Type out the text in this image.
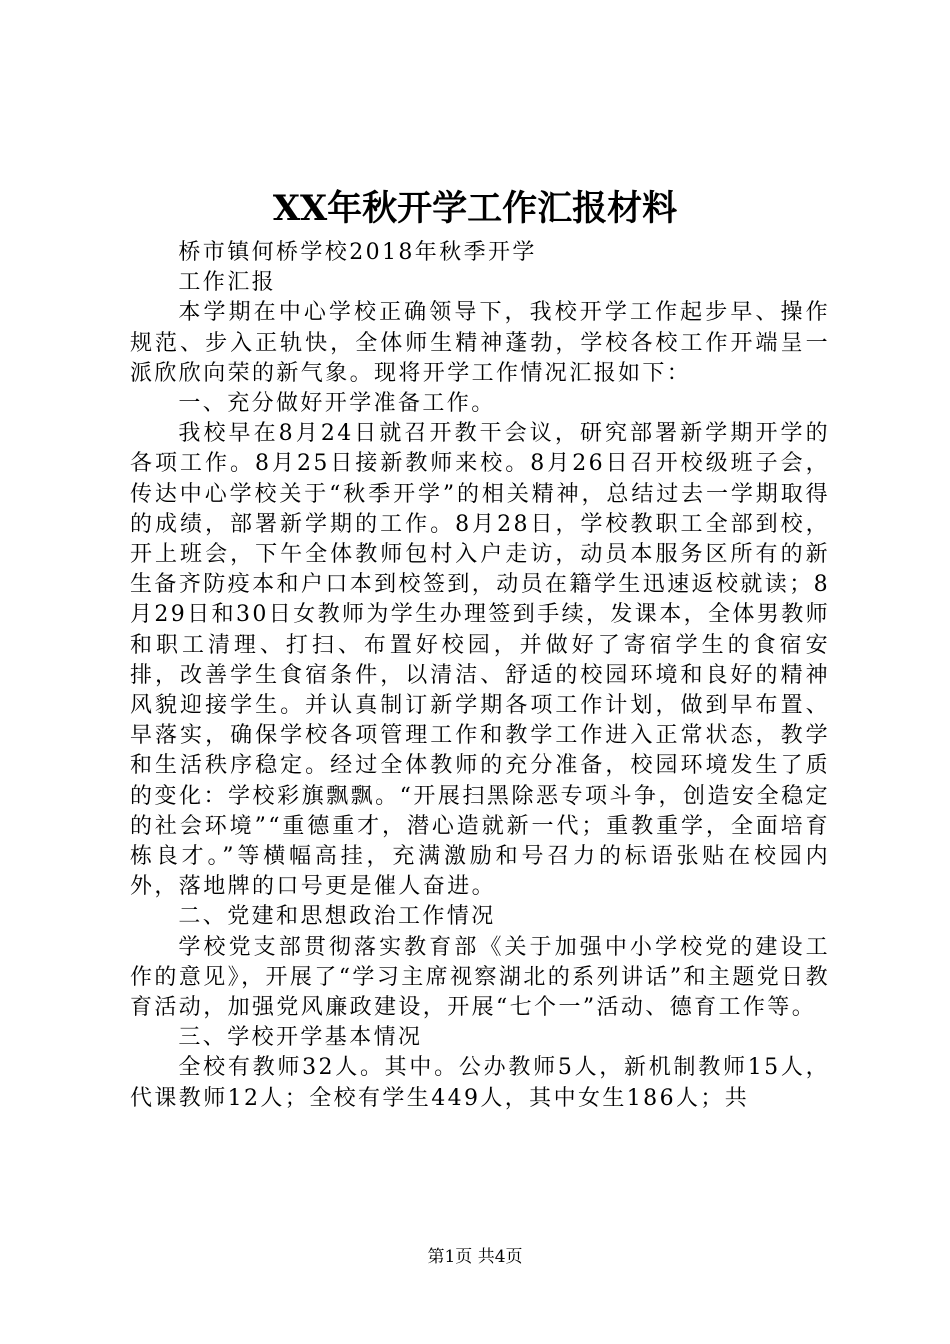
XX年秋开学工作汇报材料

桥市镇何桥学校2018年秋季开学

工作汇报

本学期在中心学校正确领导下，我校开学工作起步早、操作规范、步入正轨快，全体师生精神蓬勃，学校各校工作开端呈一派欣欣向荣的新气象。现将开学工作情况汇报如下：

一、充分做好开学准备工作。

我校早在8月24日就召开教干会议，研究部署新学期开学的各项工作。8月25日接新教师来校。8月26日召开校级班子会，传达中心学校关于“秋季开学”的相关精神，总结过去一学期取得的成绩，部署新学期的工作。8月28日，学校教职工全部到校，开上班会，下午全体教师包村入户走访，动员本服务区所有的新生备齐防疫本和户口本到校签到，动员在籍学生迅速返校就读；8月29日和30日女教师为学生办理签到手续，发课本，全体男教师和职工清理、打扫、布置好校园，并做好了寄宿学生的食宿安排，改善学生食宿条件，以清洁、舒适的校园环境和良好的精神风貌迎接学生。并认真制订新学期各项工作计划，做到早布置、早落实，确保学校各项管理工作和教学工作进入正常状态，教学和生活秩序稳定。经过全体教师的充分准备，校园环境发生了质的变化：学校彩旗飘飘。“开展扫黑除恶专项斗争，创造安全稳定的社会环境”“重德重才，潜心造就新一代；重教重学，全面培育栋良才。”等横幅高挂，充满激励和号召力的标语张贴在校园内外，落地牌的口号更是催人奋进。

二、党建和思想政治工作情况

学校党支部贯彻落实教育部《关于加强中小学校党的建设工作的意见》，开展了“学习主席视察湖北的系列讲话”和主题党日教育活动，加强党风廉政建设，开展“七个一”活动、德育工作等。

三、学校开学基本情况

全校有教师32人。其中。公办教师5人，新机制教师15人，代课教师12人；全校有学生449人，其中女生186人；共

第1页 共4页
